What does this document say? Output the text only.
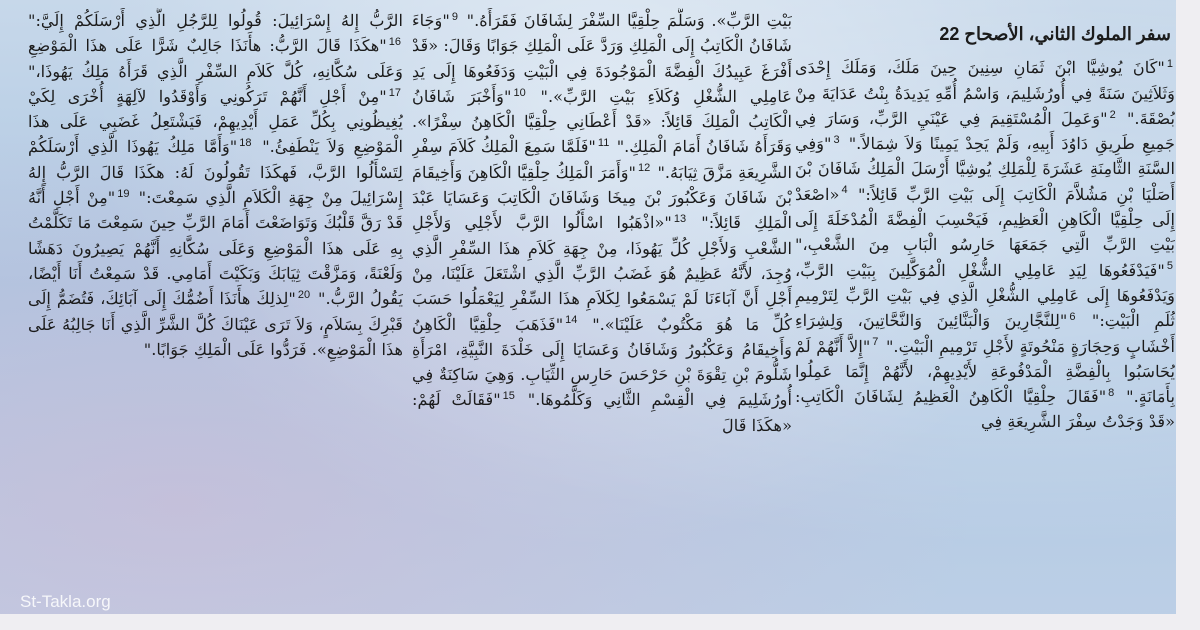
الرَّبُّ إِلهُ إِسْرَائِيلَ: قُولُوا لِلرَّجُلِ الَّذِي أَرْسَلَكُمْ إِلَيَّ:" $^{16}$"هكَذَا قَالَ الرَّبُّ: هأَنَذَا جَالِبٌ شَرًّا عَلَى هذَا الْمَوْضِعِ وَعَلَى سُكَّانِهِ، كُلَّ كَلاَمِ السِّفْرِ الَّذِي قَرَأَهُ مَلِكُ يَهُوذَا،" $^{17}$"مِنْ أَجْلِ أَنَّهُمْ تَرَكُونِي وَأَوْقَدُوا لآلِهَةٍ أُخْرَى لِكَيْ يُغِيظُونِي بِكُلِّ عَمَلِ أَيْدِيهِمْ، فَيَشْتَعِلُ غَضَبِي عَلَى هذَا الْمَوْضِعِ وَلاَ يَنْطَفِئُ." $^{18}$"وَأَمَّا مَلِكُ يَهُوذَا الَّذِي أَرْسَلَكُمْ لِتَسْأَلُوا الرَّبَّ، فَهكَذَا تَقُولُونَ لَهُ: هكَذَا قَالَ الرَّبُّ إِلهُ إِسْرَائِيلَ مِنْ جِهَةِ الْكَلاَمِ الَّذِي سَمِعْتَ:" $^{19}$"مِنْ أَجْلِ أَنَّهُ قَدْ رَقَّ قَلْبُكَ وَتَوَاضَعْتَ أَمَامَ الرَّبِّ حِينَ سَمِعْتَ مَا تَكَلَّمْتُ بِهِ عَلَى هذَا الْمَوْضِعِ وَعَلَى سُكَّانِهِ أَنَّهُمْ يَصِيرُونَ دَهَشًا وَلَعْنَةً، وَمَزَّقْتَ ثِيَابَكَ وَبَكَيْتَ أَمَامِي. قَدْ سَمِعْتُ أَنَا أَيْضًا، يَقُولُ الرَّبُّ." $^{20}$"لِذلِكَ هأَنَذَا أَضُمُّكَ إِلَى آبَائِكَ، فَتُضَمُّ إِلَى قَبْرِكَ بِسَلاَمٍ، وَلاَ تَرَى عَيْنَاكَ كُلَّ الشَّرِّ الَّذِي أَنَا جَالِبُهُ عَلَى هذَا الْمَوْضِعِ». فَرَدُّوا عَلَى الْمَلِكِ جَوَابًا."
بَيْتِ الرَّبِّ». وَسَلَّمَ حِلْقِيَّا السِّفْرَ لِشَافَانَ فَقَرَأَهُ." $^9$"وَجَاءَ شَافَانُ الْكَاتِبُ إِلَى الْمَلِكِ وَرَدَّ عَلَى الْمَلِكِ جَوَابًا وَقَالَ: «قَدْ أَفْرَغَ عَبِيدُكَ الْفِضَّةَ الْمَوْجُودَةَ فِي الْبَيْتِ وَدَفَعُوهَا إِلَى يَدِ عَامِلِي الشُّغْلِ وُكَلاَءِ بَيْتِ الرَّبِّ»." $^{10}$"وَأَخْبَرَ شَافَانُ الْكَاتِبُ الْمَلِكَ قَائِلاً: «قَدْ أَعْطَانِي حِلْقِيَّا الْكَاهِنُ سِفْرًا». وَقَرَأَهُ شَافَانُ أَمَامَ الْمَلِكِ." $^{11}$"فَلَمَّا سَمِعَ الْمَلِكُ كَلاَمَ سِفْرِ الشَّرِيعَةِ مَزَّقَ ثِيَابَهُ." $^{12}$"وَأَمَرَ الْمَلِكُ حِلْقِيَّا الْكَاهِنَ وَأَخِيقَامَ بْنَ شَافَانَ وَعَكْبُورَ بْنَ مِيخَا وَشَافَانَ الْكَاتِبَ وَعَسَايَا عَبْدَ الْمَلِكِ قَائِلاً:" $^{13}$"«اذْهَبُوا اسْأَلُوا الرَّبَّ لأَجْلِي وَلأَجْلِ الشَّعْبِ وَلأَجْلِ كُلِّ يَهُوذَا، مِنْ جِهَةِ كَلاَمِ هذَا السِّفْرِ الَّذِي وُجِدَ، لأَنَّهُ عَظِيمٌ هُوَ غَضَبُ الرَّبِّ الَّذِي اشْتَعَلَ عَلَيْنَا، مِنْ أَجْلِ أَنَّ آبَاءَنَا لَمْ يَسْمَعُوا لِكَلاَمِ هذَا السِّفْرِ لِيَعْمَلُوا حَسَبَ كُلِّ مَا هُوَ مَكْتُوبٌ عَلَيْنَا»." $^{14}$"فَذَهَبَ حِلْقِيَّا الْكَاهِنُ وَأَخِيقَامُ وَعَكْبُورُ وَشَافَانُ وَعَسَايَا إِلَى خَلْدَةَ النَّبِيَّةِ، امْرَأَةِ شَلُّومَ بْنِ تِقْوَةَ بْنِ حَرْحَسَ حَارِسِ الثِّيَابِ. وَهِيَ سَاكِنَةٌ فِي أُورُشَلِيمَ فِي الْقِسْمِ الثَّانِي وَكَلَّمُوهَا." $^{15}$"فَقَالَتْ لَهُمْ: «هكَذَا قَالَ
سفر الملوك الثاني، الأصحاح 22
$^1$"كَانَ يُوشِيَّا ابْنَ ثَمَانِ سِنِينَ حِينَ مَلَكَ، وَمَلَكَ إِحْدَى وَثَلاَثِينَ سَنَةً فِي أُورُشَلِيمَ، وَاسْمُ أُمِّهِ يَدِيدَةُ بِنْتُ عَدَايَةَ مِنْ بُصْقَةَ." $^2$"وَعَمِلَ الْمُسْتَقِيمَ فِي عَيْنَيِ الرَّبِّ، وَسَارَ فِي جَمِيعِ طَرِيقِ دَاوُدَ أَبِيهِ، وَلَمْ يَحِدْ يَمِينًا وَلاَ شِمَالاً." $^3$"وَفِي السَّنَةِ الثَّامِنَةِ عَشَرَةَ لِلْمَلِكِ يُوشِيَّا أَرْسَلَ الْمَلِكُ شَافَانَ بْنَ أَصَلْيَا بْنِ مَشُلاَّمَ الْكَاتِبَ إِلَى بَيْتِ الرَّبِّ قَائِلاً:" $^4$«اصْعَدْ إِلَى حِلْقِيَّا الْكَاهِنِ الْعَظِيمِ، فَيَحْسِبَ الْفِضَّةَ الْمُدْخَلَةَ إِلَى بَيْتِ الرَّبِّ الَّتِي جَمَعَهَا حَارِسُو الْبَابِ مِنَ الشَّعْبِ،" $^5$"فَيَدْفَعُوهَا لِيَدِ عَامِلِي الشُّغْلِ الْمُوَكَّلِينَ بِبَيْتِ الرَّبِّ، وَيَدْفَعُوهَا إِلَى عَامِلِي الشُّغْلِ الَّذِي فِي بَيْتِ الرَّبِّ لِتَرْمِيمِ ثُلَمِ الْبَيْتِ:" $^6$"لِلنَّجَّارِينَ وَالْبَنَّائِينَ وَالنَّحَّاتِينَ، وَلِشِرَاءِ أَخْشَابٍ وَحِجَارَةٍ مَنْحُوتَةٍ لأَجْلِ تَرْمِيمِ الْبَيْتِ." $^7$"إِلاَّ أَنَّهُمْ لَمْ يُحَاسَبُوا بِالْفِضَّةِ الْمَدْفُوعَةِ لأَيْدِيهِمْ، لأَنَّهُمْ إِنَّمَا عَمِلُوا بِأَمَانَةٍ." $^8$"فَقَالَ حِلْقِيَّا الْكَاهِنُ الْعَظِيمُ لِشَافَانَ الْكَاتِبِ: «قَدْ وَجَدْتُ سِفْرَ الشَّرِيعَةِ فِي
St-Takla.org
